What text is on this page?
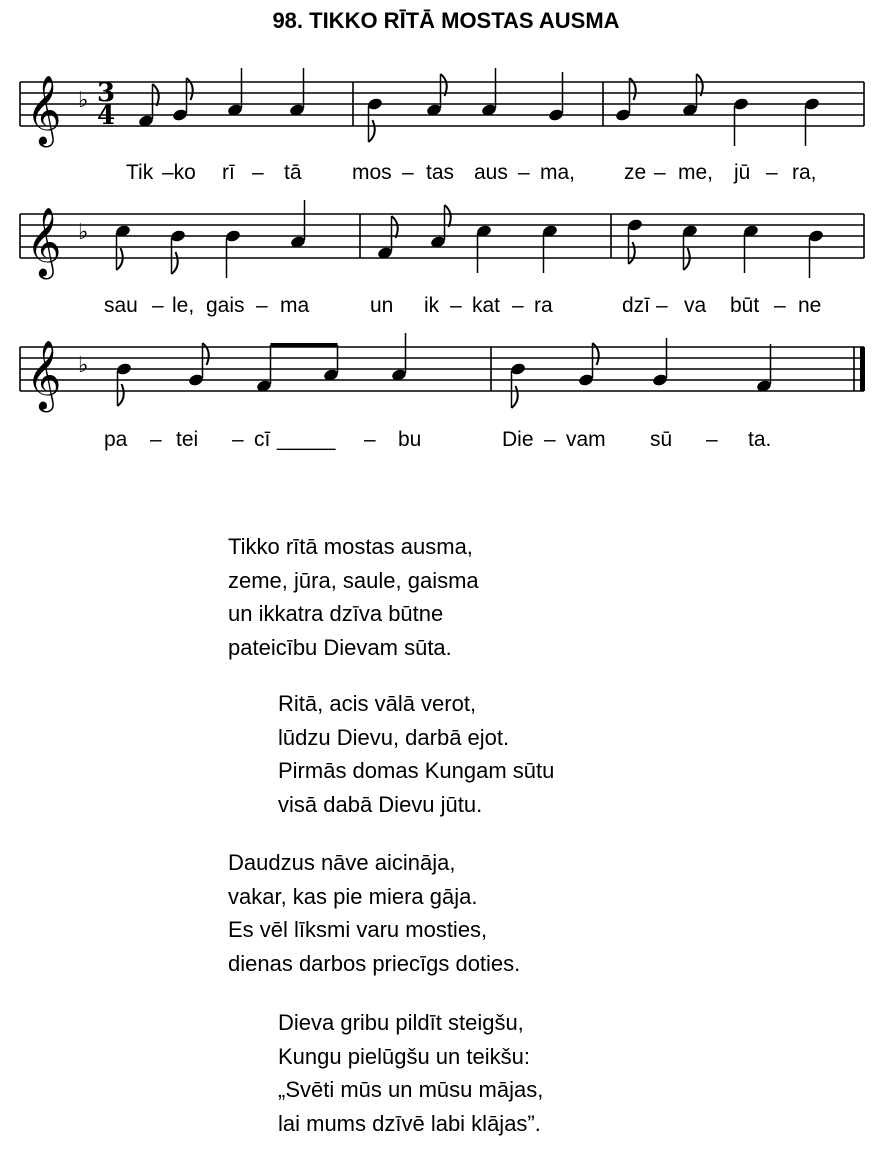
98. TIKKO RĪTĀ MOSTAS AUSMA
𝄞 ♭ 3
4
Tik –ko rī – tā mos – tas aus – ma, ze – me, jū – ra,
𝄞 ♭
sau – le, gais – ma	un ik – kat – ra	dzī – va būt – ne
𝄞 ♭
pa – tei – cī _____ – bu	Die – vam sū – ta.
Tikko rītā mostas ausma,
zeme, jūra, saule, gaisma
un ikkatra dzīva būtne
pateicību Dievam sūta.
Ritā, acis vālā verot,
lūdzu Dievu, darbā ejot.
Pirmās domas Kungam sūtu
visā dabā Dievu jūtu.
Daudzus nāve aicināja,
vakar, kas pie miera gāja.
Es vēl līksmi varu mosties,
dienas darbos priecīgs doties.
Dieva gribu pildīt steigšu,
Kungu pielūgšu un teikšu:
„Svēti mūs un mūsu mājas,
lai mums dzīvē labi klājas”.
